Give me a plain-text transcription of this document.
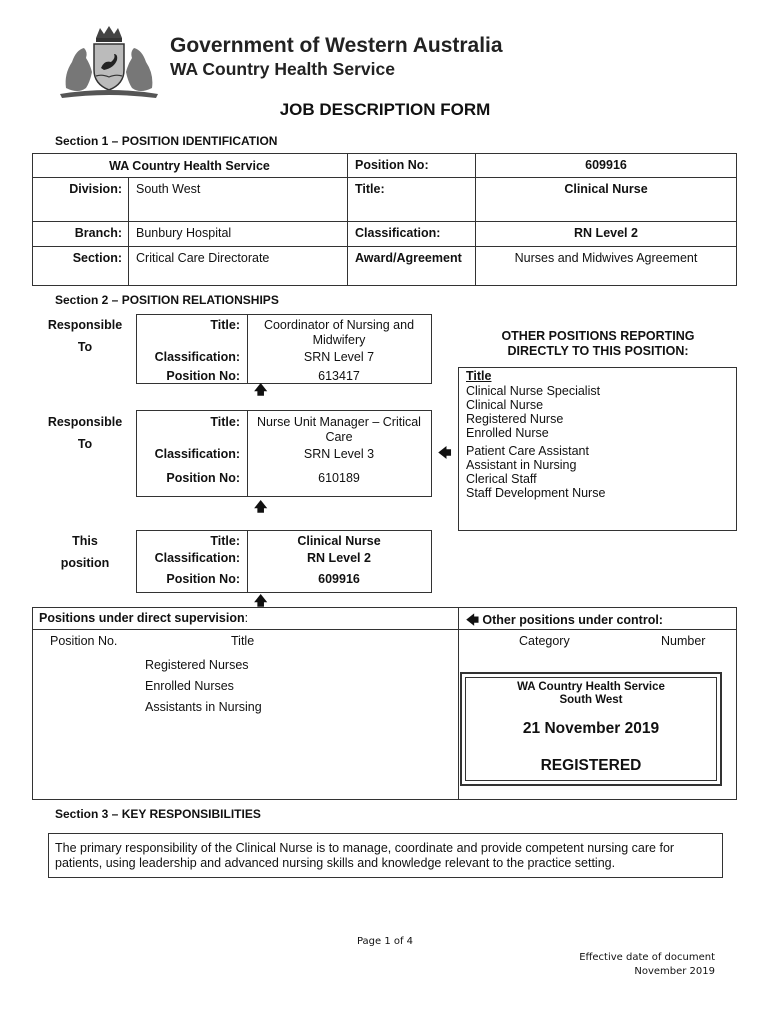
Government of Western Australia
WA Country Health Service
JOB DESCRIPTION FORM
Section 1 – POSITION IDENTIFICATION
WA Country Health Service	Position No:	609916
Division: South West	Title:	Clinical Nurse
Branch: Bunbury Hospital	Classification:	RN Level 2
Section: Critical Care Directorate	Award/Agreement	Nurses and Midwives Agreement
Section 2 – POSITION RELATIONSHIPS
Responsible
To
Title:	Coordinator of Nursing and Midwifery
Classification:	SRN Level 7
Position No:	613417
🡅
Responsible
To
Title:	Nurse Unit Manager – Critical Care
Classification:	SRN Level 3
Position No:	610189
🡄
🡅
This
position
Title:	Clinical Nurse
Classification:	RN Level 2
Position No:	609916
🡅
OTHER POSITIONS REPORTING
DIRECTLY TO THIS POSITION:
Title
Clinical Nurse Specialist
Clinical Nurse
Registered Nurse
Enrolled Nurse
Patient Care Assistant
Assistant in Nursing
Clerical Staff
Staff Development Nurse
Positions under direct supervision:
Position No.	Title
Registered Nurses
Enrolled Nurses
Assistants in Nursing
🡄 Other positions under control:
Category	Number
WA Country Health Service
South West
21 November 2019
REGISTERED
Section 3 – KEY RESPONSIBILITIES
The primary responsibility of the Clinical Nurse is to manage, coordinate and provide competent nursing care for patients, using leadership and advanced nursing skills and knowledge relevant to the practice setting.
Page 1 of 4
Effective date of document
November 2019
